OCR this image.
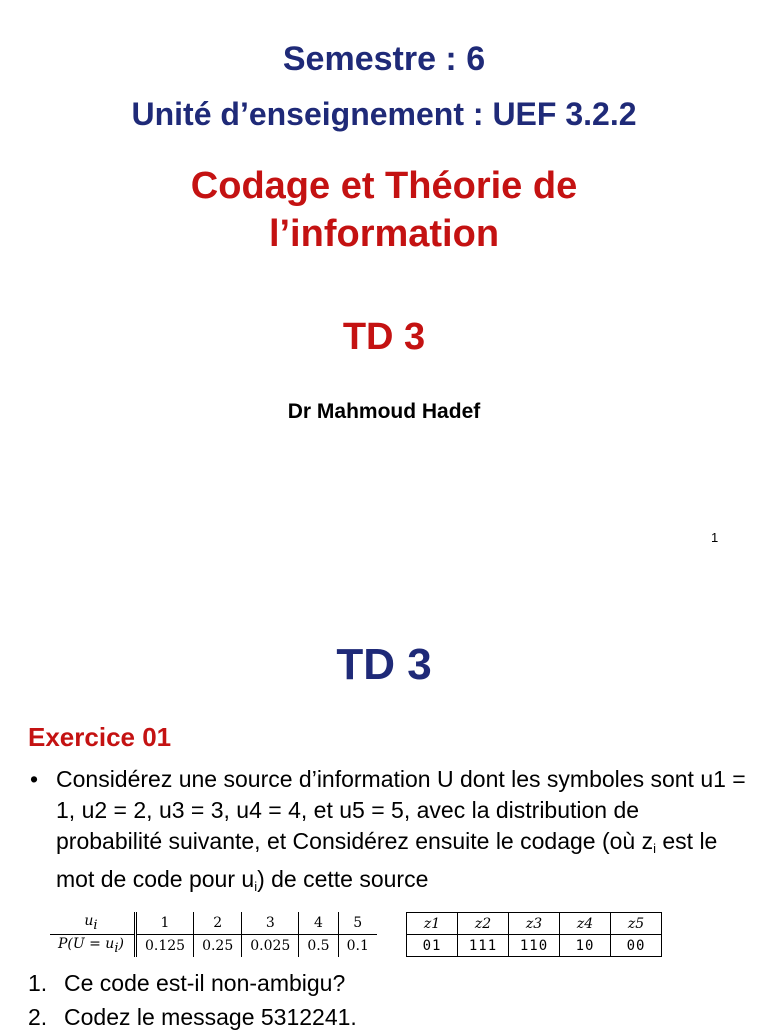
Semestre : 6
Unité d’enseignement : UEF 3.2.2
Codage et Théorie de
l’information
TD 3
Dr Mahmoud Hadef
1
TD 3
Exercice 01
• Considérez une source d’information U dont les symboles sont u1 = 1, u2 = 2, u3 = 3, u4 = 4, et u5 = 5, avec la distribution de probabilité suivante, et Considérez ensuite le codage (où $z_i$ est le mot de code pour $u_i$) de cette source
$u_i$	1	2	3	4	5
$P(U = u_i)$	0.125	0.25	0.025	0.5	0.1
z1	z2	z3	z4	z5
01	111	110	10	00
1. Ce code est-il non-ambigu?
2. Codez le message 5312241.
